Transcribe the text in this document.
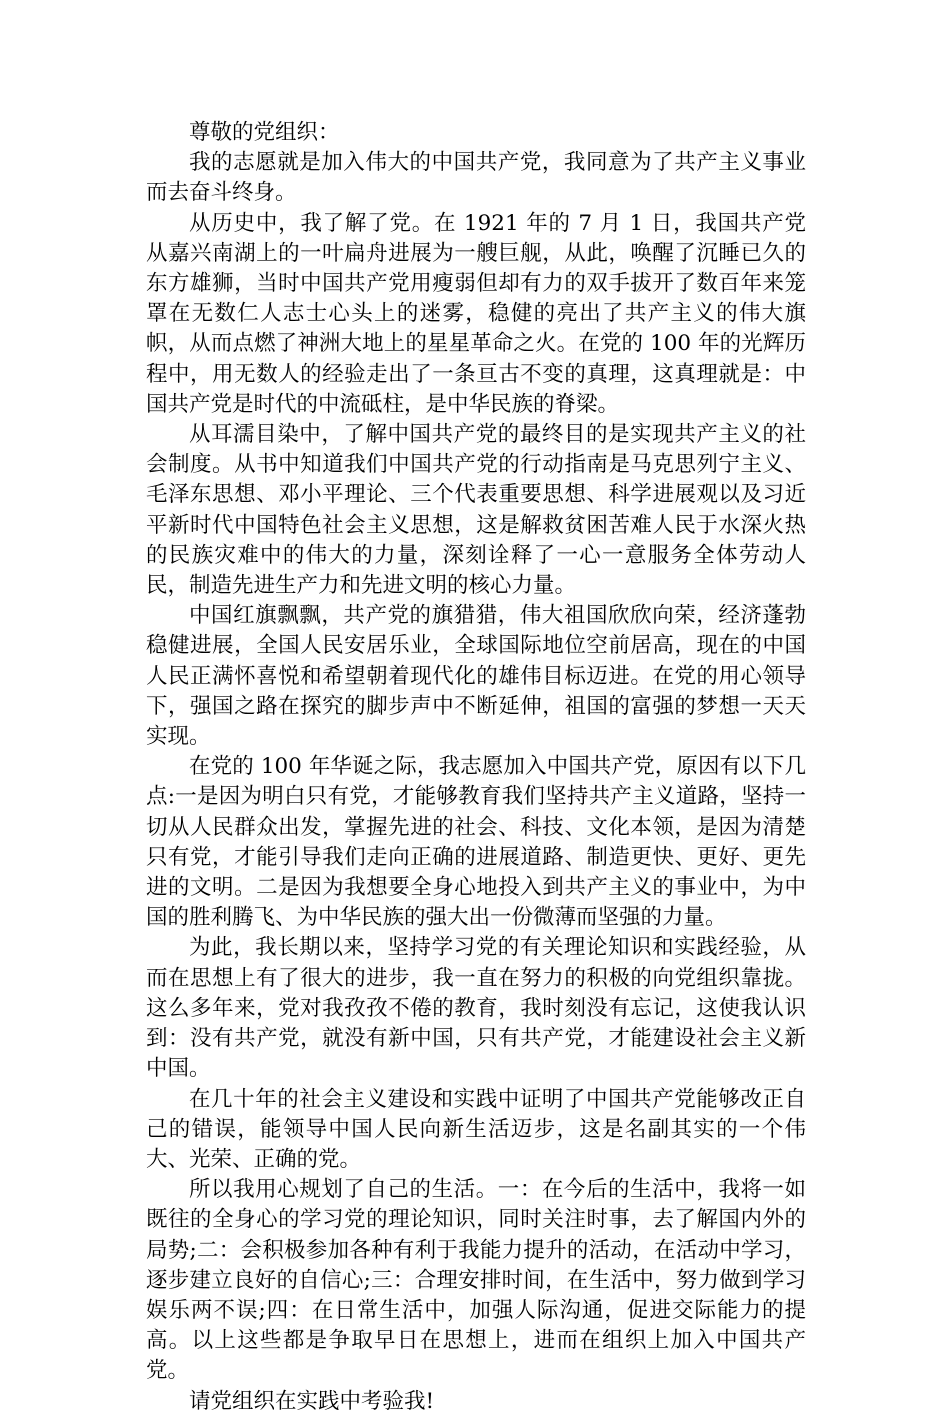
尊敬的党组织：

我的志愿就是加入伟大的中国共产党，我同意为了共产主义事业而去奋斗终身。

从历史中，我了解了党。在 1921 年的 7 月 1 日，我国共产党从嘉兴南湖上的一叶扁舟进展为一艘巨舰，从此，唤醒了沉睡已久的东方雄狮，当时中国共产党用瘦弱但却有力的双手拔开了数百年来笼罩在无数仁人志士心头上的迷雾，稳健的亮出了共产主义的伟大旗帜，从而点燃了神洲大地上的星星革命之火。在党的 100 年的光辉历程中，用无数人的经验走出了一条亘古不变的真理，这真理就是：中国共产党是时代的中流砥柱，是中华民族的脊梁。

从耳濡目染中，了解中国共产党的最终目的是实现共产主义的社会制度。从书中知道我们中国共产党的行动指南是马克思列宁主义、毛泽东思想、邓小平理论、三个代表重要思想、科学进展观以及习近平新时代中国特色社会主义思想，这是解救贫困苦难人民于水深火热的民族灾难中的伟大的力量，深刻诠释了一心一意服务全体劳动人民，制造先进生产力和先进文明的核心力量。

中国红旗飘飘，共产党的旗猎猎，伟大祖国欣欣向荣，经济蓬勃稳健进展，全国人民安居乐业，全球国际地位空前居高，现在的中国人民正满怀喜悦和希望朝着现代化的雄伟目标迈进。在党的用心领导下，强国之路在探究的脚步声中不断延伸，祖国的富强的梦想一天天实现。

在党的 100 年华诞之际，我志愿加入中国共产党，原因有以下几点:一是因为明白只有党，才能够教育我们坚持共产主义道路，坚持一切从人民群众出发，掌握先进的社会、科技、文化本领，是因为清楚只有党，才能引导我们走向正确的进展道路、制造更快、更好、更先进的文明。二是因为我想要全身心地投入到共产主义的事业中，为中国的胜利腾飞、为中华民族的强大出一份微薄而坚强的力量。

为此，我长期以来，坚持学习党的有关理论知识和实践经验，从而在思想上有了很大的进步，我一直在努力的积极的向党组织靠拢。这么多年来，党对我孜孜不倦的教育，我时刻没有忘记，这使我认识到：没有共产党，就没有新中国，只有共产党，才能建设社会主义新中国。

在几十年的社会主义建设和实践中证明了中国共产党能够改正自己的错误，能领导中国人民向新生活迈步，这是名副其实的一个伟大、光荣、正确的党。

所以我用心规划了自己的生活。一：在今后的生活中，我将一如既往的全身心的学习党的理论知识，同时关注时事，去了解国内外的局势;二：会积极参加各种有利于我能力提升的活动，在活动中学习，逐步建立良好的自信心;三：合理安排时间，在生活中，努力做到学习娱乐两不误;四：在日常生活中，加强人际沟通，促进交际能力的提高。以上这些都是争取早日在思想上，进而在组织上加入中国共产党。

请党组织在实践中考验我!
